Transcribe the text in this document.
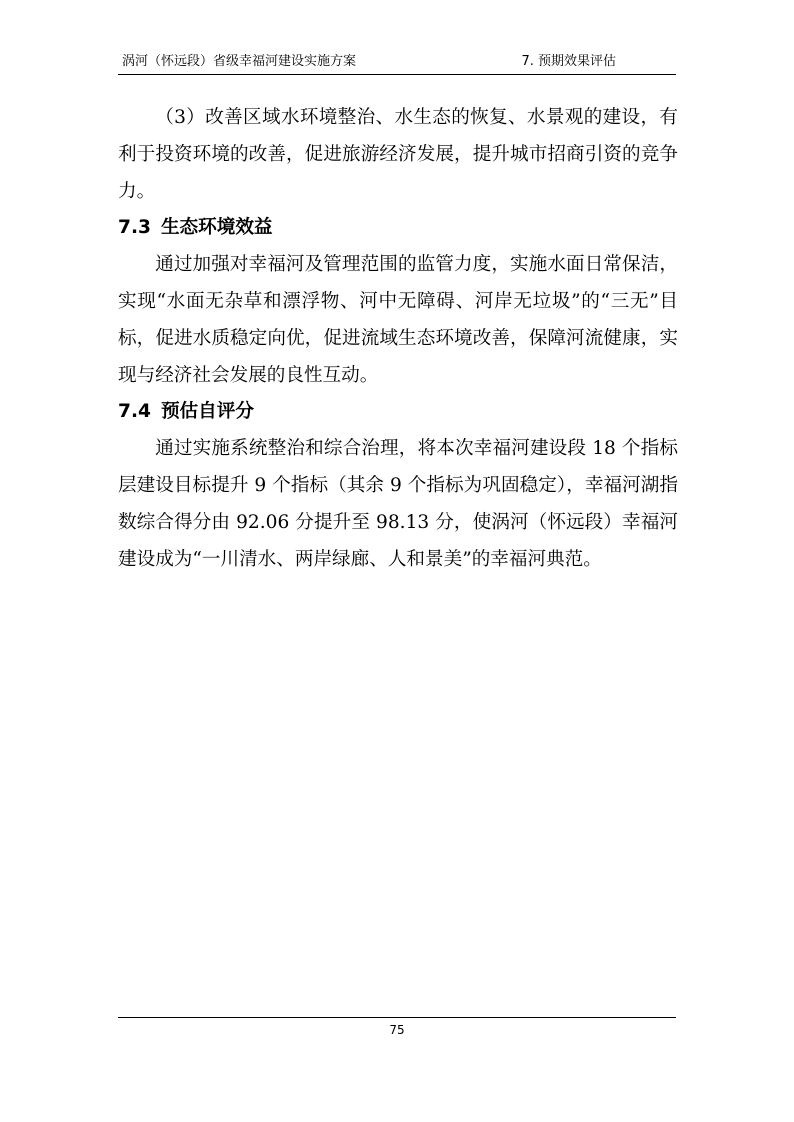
涡河（怀远段）省级幸福河建设实施方案	7. 预期效果评估

（3）改善区域水环境整治、水生态的恢复、水景观的建设，有利于投资环境的改善，促进旅游经济发展，提升城市招商引资的竞争力。

7.3 生态环境效益

通过加强对幸福河及管理范围的监管力度，实施水面日常保洁，实现“水面无杂草和漂浮物、河中无障碍、河岸无垃圾”的“三无”目标，促进水质稳定向优，促进流域生态环境改善，保障河流健康，实现与经济社会发展的良性互动。

7.4 预估自评分

通过实施系统整治和综合治理，将本次幸福河建设段 18 个指标层建设目标提升 9 个指标（其余 9 个指标为巩固稳定），幸福河湖指数综合得分由 92.06 分提升至 98.13 分，使涡河（怀远段）幸福河建设成为“一川清水、两岸绿廊、人和景美”的幸福河典范。

75
